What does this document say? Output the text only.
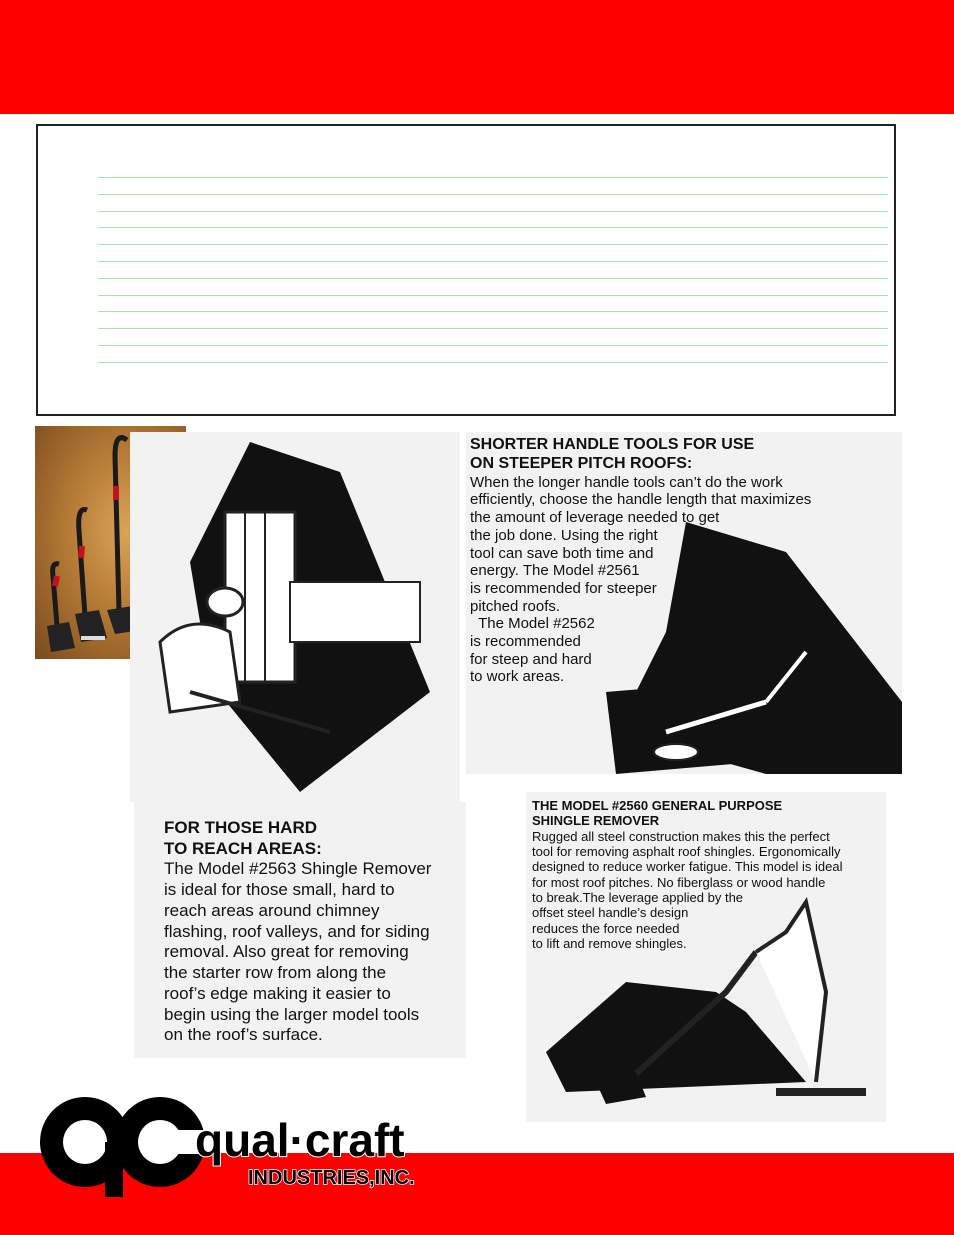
SHORTER HANDLE TOOLS FOR USE
ON STEEPER PITCH ROOFS:
When the longer handle tools can’t do the work
efficiently, choose the handle length that maximizes
the amount of leverage needed to get
the job done. Using the right
tool can save both time and
energy. The Model #2561
is recommended for steeper
pitched roofs.
The Model #2562
is recommended
for steep and hard
to work areas.
FOR THOSE HARD
TO REACH AREAS:
The Model #2563 Shingle Remover
is ideal for those small, hard to
reach areas around chimney
flashing, roof valleys, and for siding
removal. Also great for removing
the starter row from along the
roof’s edge making it easier to
begin using the larger model tools
on the roof’s surface.
THE MODEL #2560 GENERAL PURPOSE
SHINGLE REMOVER
Rugged all steel construction makes this the perfect
tool for removing asphalt roof shingles. Ergonomically
designed to reduce worker fatigue. This model is ideal
for most roof pitches. No fiberglass or wood handle
to break.The leverage applied by the
offset steel handle’s design
reduces the force needed
to lift and remove shingles.
qual·craft
INDUSTRIES,INC.
